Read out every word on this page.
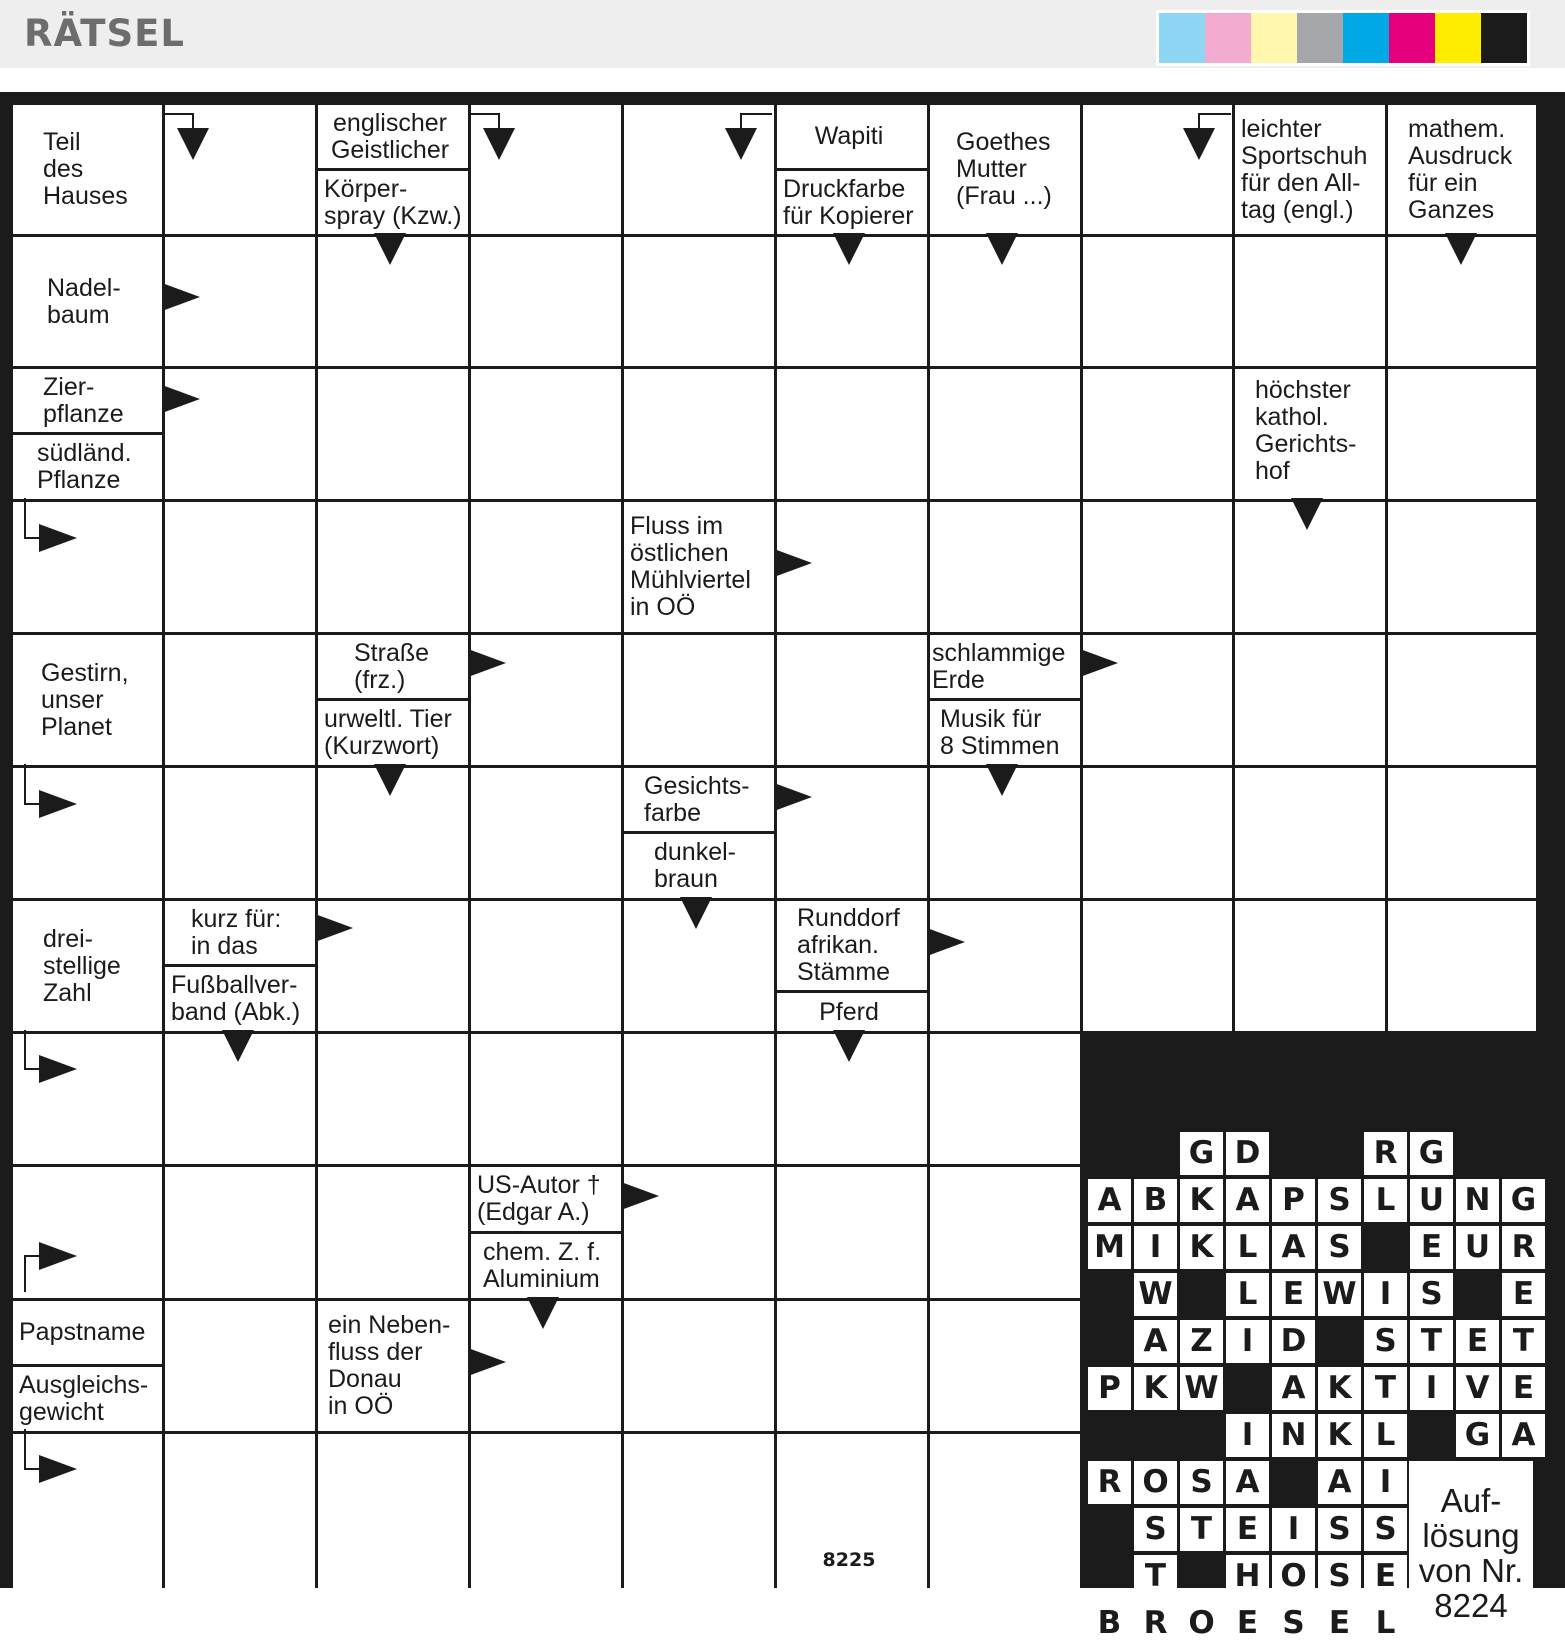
RÄTSEL
Auf-
lösung
von Nr.
8224
Teil
des
Hauses
englischer
Geistlicher
Körper-
spray (Kzw.)
Wapiti
Druckfarbe
für Kopierer
Goethes
Mutter
(Frau ...)
leichter
Sportschuh
für den All-
tag (engl.)
mathem.
Ausdruck
für ein
Ganzes
Nadel-
baum
Zier-
pflanze
südländ.
Pflanze
höchster
kathol.
Gerichts-
hof
Fluss im
östlichen
Mühlviertel
in OÖ
Gestirn,
unser
Planet
Straße
(frz.)
urweltl. Tier
(Kurzwort)
schlammige
Erde
Musik für
8 Stimmen
Gesichts-
farbe
dunkel-
braun
drei-
stellige
Zahl
kurz für:
in das
Fußballver-
band (Abk.)
Runddorf
afrikan.
Stämme
Pferd
US-Autor †
(Edgar A.)
chem. Z. f.
Aluminium
Papstname
Ausgleichs-
gewicht
ein Neben-
fluss der
Donau
in OÖ
G D	R G
A B K A P S L U N G
M I K L A S	E U R
W	L E W I S	E
A Z I D	S T E T
P K W	A K T I V E
I N K L	G A
R O S A	A I
S T E I S S
T	H O S E
B R O E S E L
8225
